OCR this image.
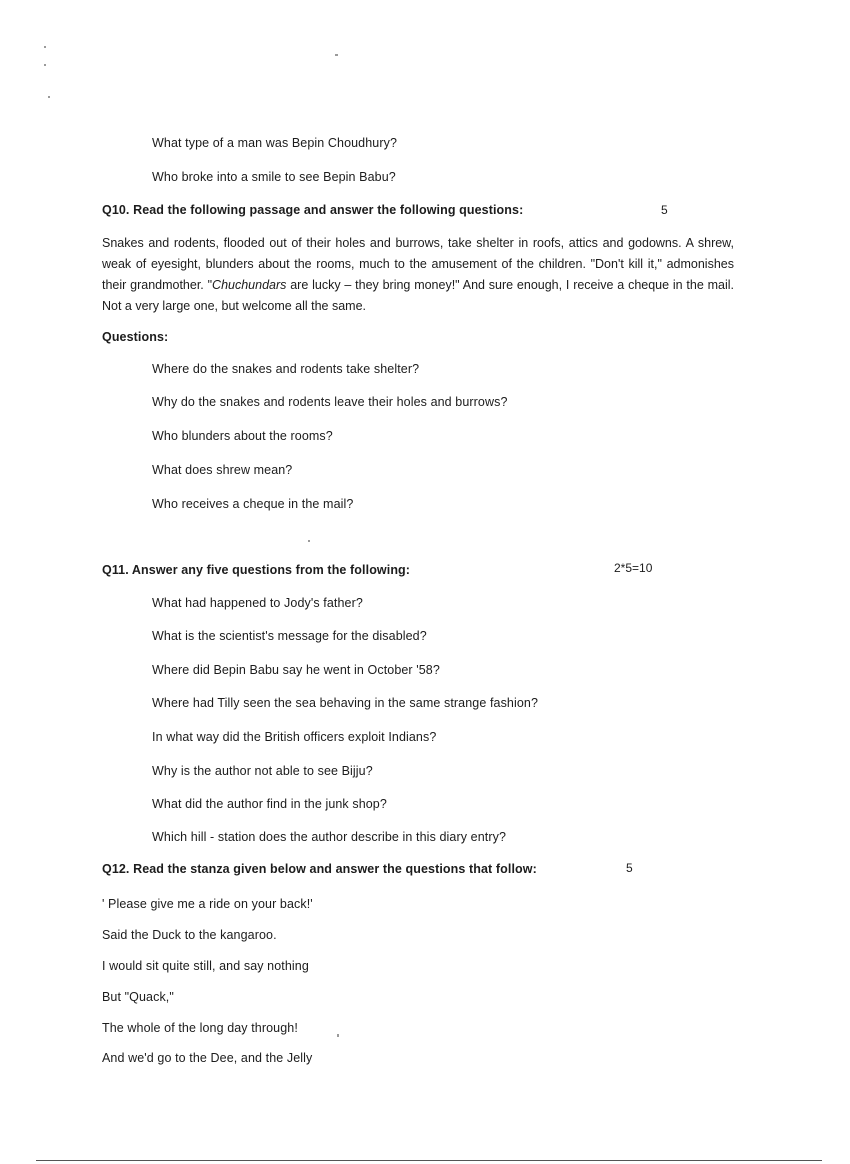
What type of a man was Bepin Choudhury?
Who broke into a smile to see Bepin Babu?
Q10. Read the following passage and answer the following questions:	5
Snakes and rodents, flooded out of their holes and burrows, take shelter in roofs, attics and godowns. A shrew, weak of eyesight, blunders about the rooms, much to the amusement of the children. "Don't kill it," admonishes their grandmother. "Chuchundars are lucky – they bring money!" And sure enough, I receive a cheque in the mail. Not a very large one, but welcome all the same.
Questions:
Where do the snakes and rodents take shelter?
Why do the snakes and rodents leave their holes and burrows?
Who blunders about the rooms?
What does shrew mean?
Who receives a cheque in the mail?
Q11. Answer any five questions from the following:	2*5=10
What had happened to Jody's father?
What is the scientist's message for the disabled?
Where did Bepin Babu say he went in October '58?
Where had Tilly seen the sea behaving in the same strange fashion?
In what way did the British officers exploit Indians?
Why is the author not able to see Bijju?
What did the author find in the junk shop?
Which hill - station does the author describe in this diary entry?
Q12. Read the stanza given below and answer the questions that follow:	5
' Please give me a ride on your back!'
Said the Duck to the kangaroo.
I would sit quite still, and say nothing
But "Quack,"
The whole of the long day through!
And we'd go to the Dee, and the Jelly
